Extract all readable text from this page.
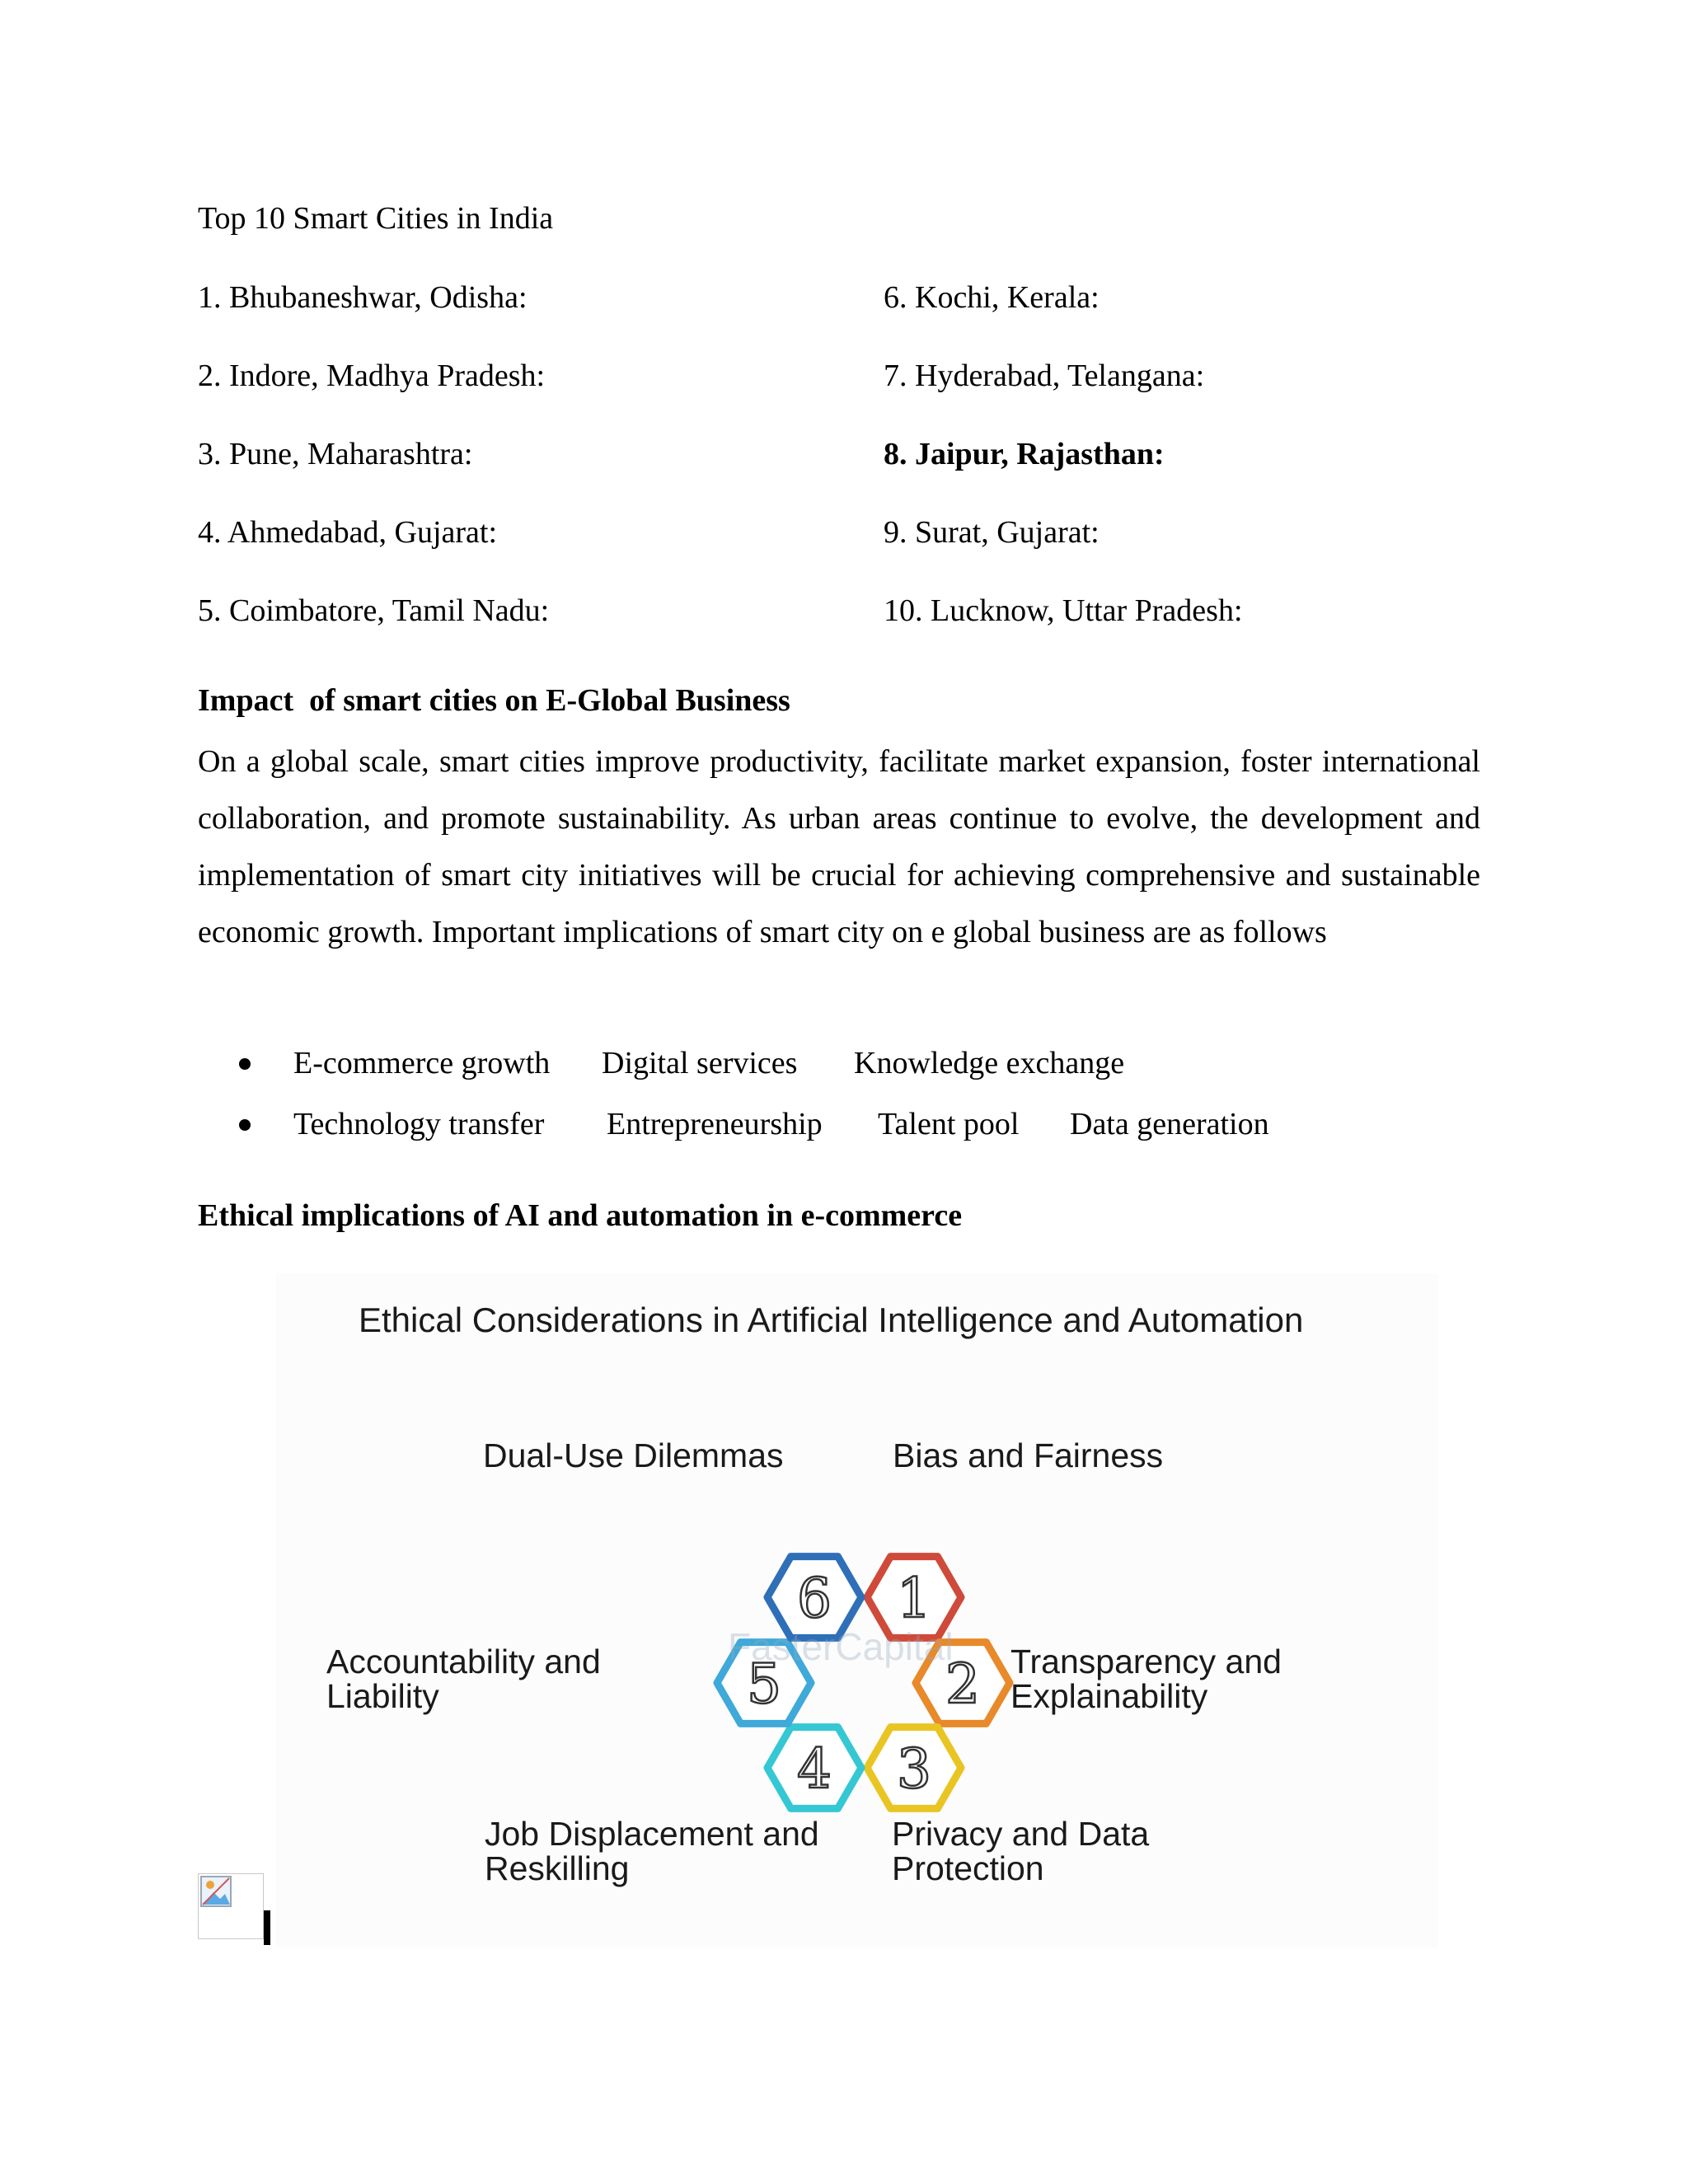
Top 10 Smart Cities in India
1. Bhubaneshwar, Odisha:
2. Indore, Madhya Pradesh:
3. Pune, Maharashtra:
4. Ahmedabad, Gujarat:
5. Coimbatore, Tamil Nadu:
6. Kochi, Kerala:
7. Hyderabad, Telangana:
8. Jaipur, Rajasthan:
9. Surat, Gujarat:
10. Lucknow, Uttar Pradesh:
Impact  of smart cities on E-Global Business
On a global scale, smart cities improve productivity, facilitate market expansion, foster international collaboration, and promote sustainability. As urban areas continue to evolve, the development and implementation of smart city initiatives will be crucial for achieving comprehensive and sustainable economic growth. Important implications of smart city on e global business are as follows
E-commerce growth Digital services Knowledge exchange
Technology transfer Entrepreneurship Talent pool Data generation
Ethical implications of AI and automation in e-commerce
Ethical Considerations in Artificial Intelligence and Automation
Dual-Use Dilemmas	Bias and Fairness
Accountability and
Liability
Transparency and
Explainability
Job Displacement and
Reskilling
Privacy and Data
Protection
1
2
3
4
5
6
FasterCapital
